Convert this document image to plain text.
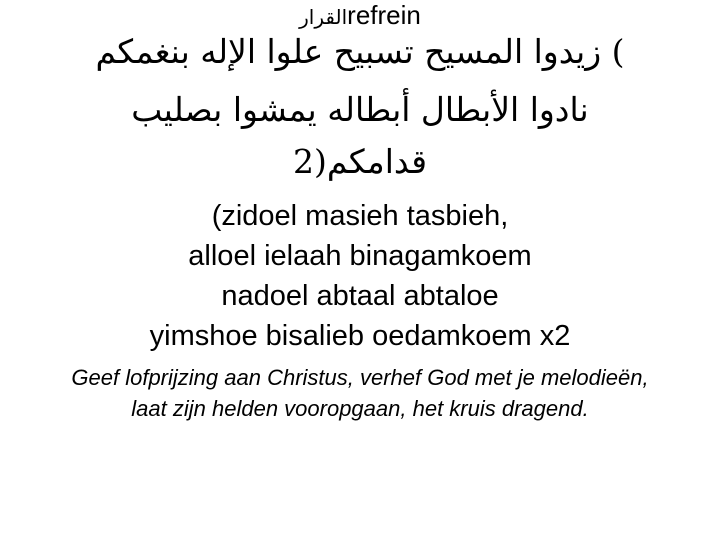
القرارrefrein
) زيدوا المسيح تسبيح علوا الإله بنغمكم
نادوا الأبطال أبطاله يمشوا بصليب
قدامكم(2
(zidoel masieh tasbieh,
alloel ielaah binagamkoem
nadoel abtaal abtaloe
yimshoe bisalieb oedamkoem x2
Geef lofprijzing aan Christus, verhef God met je melodieën,
laat zijn helden vooropgaan, het kruis dragend.
